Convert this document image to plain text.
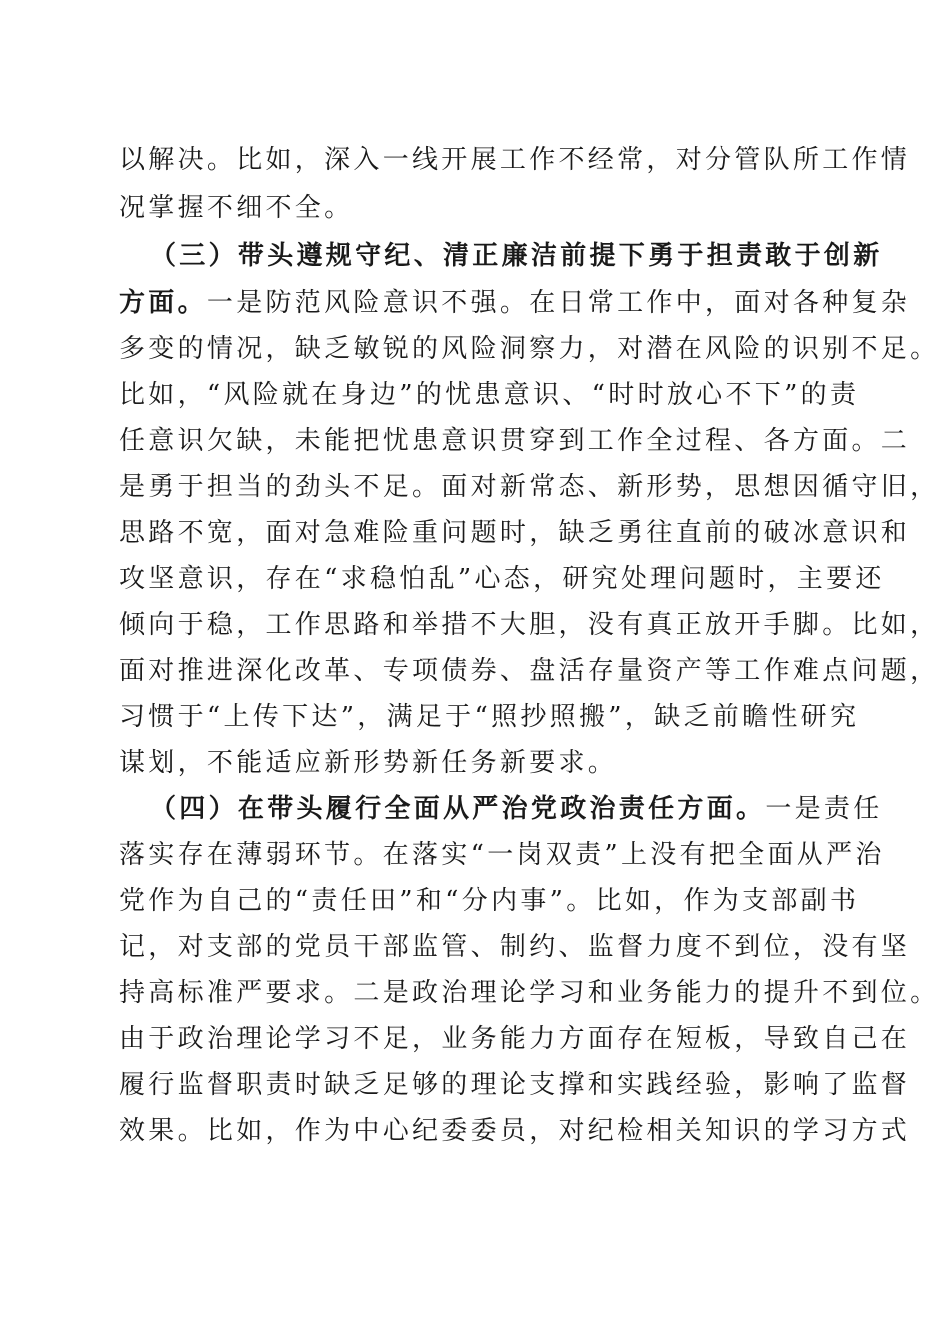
以解决。比如，深入一线开展工作不经常，对分管队所工作情
况掌握不细不全。
（三）带头遵规守纪、清正廉洁前提下勇于担责敢于创新
方面。一是防范风险意识不强。在日常工作中，面对各种复杂
多变的情况，缺乏敏锐的风险洞察力，对潜在风险的识别不足。
比如，“风险就在身边”的忧患意识、“时时放心不下”的责
任意识欠缺，未能把忧患意识贯穿到工作全过程、各方面。二
是勇于担当的劲头不足。面对新常态、新形势，思想因循守旧，
思路不宽，面对急难险重问题时，缺乏勇往直前的破冰意识和
攻坚意识，存在“求稳怕乱”心态，研究处理问题时，主要还
倾向于稳，工作思路和举措不大胆，没有真正放开手脚。比如，
面对推进深化改革、专项债券、盘活存量资产等工作难点问题，
习惯于“上传下达”，满足于“照抄照搬”，缺乏前瞻性研究
谋划，不能适应新形势新任务新要求。
（四）在带头履行全面从严治党政治责任方面。一是责任
落实存在薄弱环节。在落实“一岗双责”上没有把全面从严治
党作为自己的“责任田”和“分内事”。比如，作为支部副书
记，对支部的党员干部监管、制约、监督力度不到位，没有坚
持高标准严要求。二是政治理论学习和业务能力的提升不到位。
由于政治理论学习不足，业务能力方面存在短板，导致自己在
履行监督职责时缺乏足够的理论支撑和实践经验，影响了监督
效果。比如，作为中心纪委委员，对纪检相关知识的学习方式
